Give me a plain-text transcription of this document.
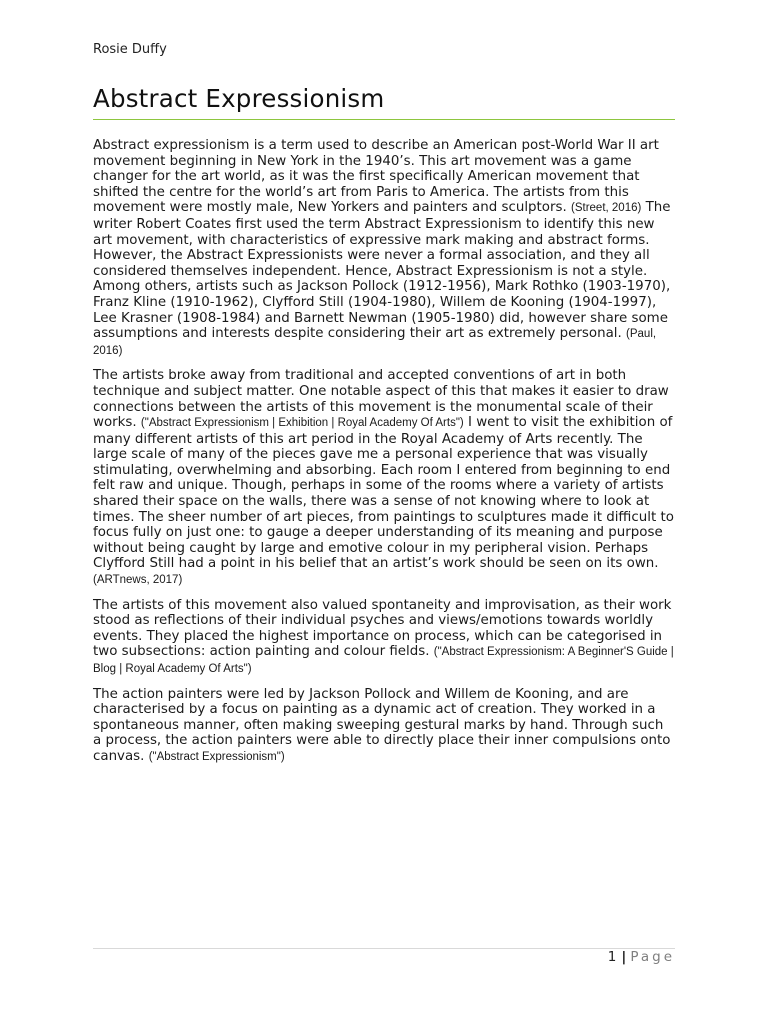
Rosie Duffy
Abstract Expressionism

Abstract expressionism is a term used to describe an American post-World War II art movement beginning in New York in the 1940’s. This art movement was a game changer for the art world, as it was the first specifically American movement that shifted the centre for the world’s art from Paris to America. The artists from this movement were mostly male, New Yorkers and painters and sculptors. (Street, 2016) The writer Robert Coates first used the term Abstract Expressionism to identify this new art movement, with characteristics of expressive mark making and abstract forms. However, the Abstract Expressionists were never a formal association, and they all considered themselves independent. Hence, Abstract Expressionism is not a style. Among others, artists such as Jackson Pollock (1912-1956), Mark Rothko (1903-1970), Franz Kline (1910-1962), Clyfford Still (1904-1980), Willem de Kooning (1904-1997), Lee Krasner (1908-1984) and Barnett Newman (1905-1980) did, however share some assumptions and interests despite considering their art as extremely personal. (Paul, 2016)

The artists broke away from traditional and accepted conventions of art in both technique and subject matter. One notable aspect of this that makes it easier to draw connections between the artists of this movement is the monumental scale of their works. ("Abstract Expressionism | Exhibition | Royal Academy Of Arts") I went to visit the exhibition of many different artists of this art period in the Royal Academy of Arts recently. The large scale of many of the pieces gave me a personal experience that was visually stimulating, overwhelming and absorbing. Each room I entered from beginning to end felt raw and unique. Though, perhaps in some of the rooms where a variety of artists shared their space on the walls, there was a sense of not knowing where to look at times. The sheer number of art pieces, from paintings to sculptures made it difficult to focus fully on just one: to gauge a deeper understanding of its meaning and purpose without being caught by large and emotive colour in my peripheral vision. Perhaps Clyfford Still had a point in his belief that an artist’s work should be seen on its own. (ARTnews, 2017)

The artists of this movement also valued spontaneity and improvisation, as their work stood as reflections of their individual psyches and views/emotions towards worldly events. They placed the highest importance on process, which can be categorised in two subsections: action painting and colour fields. ("Abstract Expressionism: A Beginner'S Guide | Blog | Royal Academy Of Arts")

The action painters were led by Jackson Pollock and Willem de Kooning, and are characterised by a focus on painting as a dynamic act of creation. They worked in a spontaneous manner, often making sweeping gestural marks by hand. Through such a process, the action painters were able to directly place their inner compulsions onto canvas. ("Abstract Expressionism")

1 | Page
